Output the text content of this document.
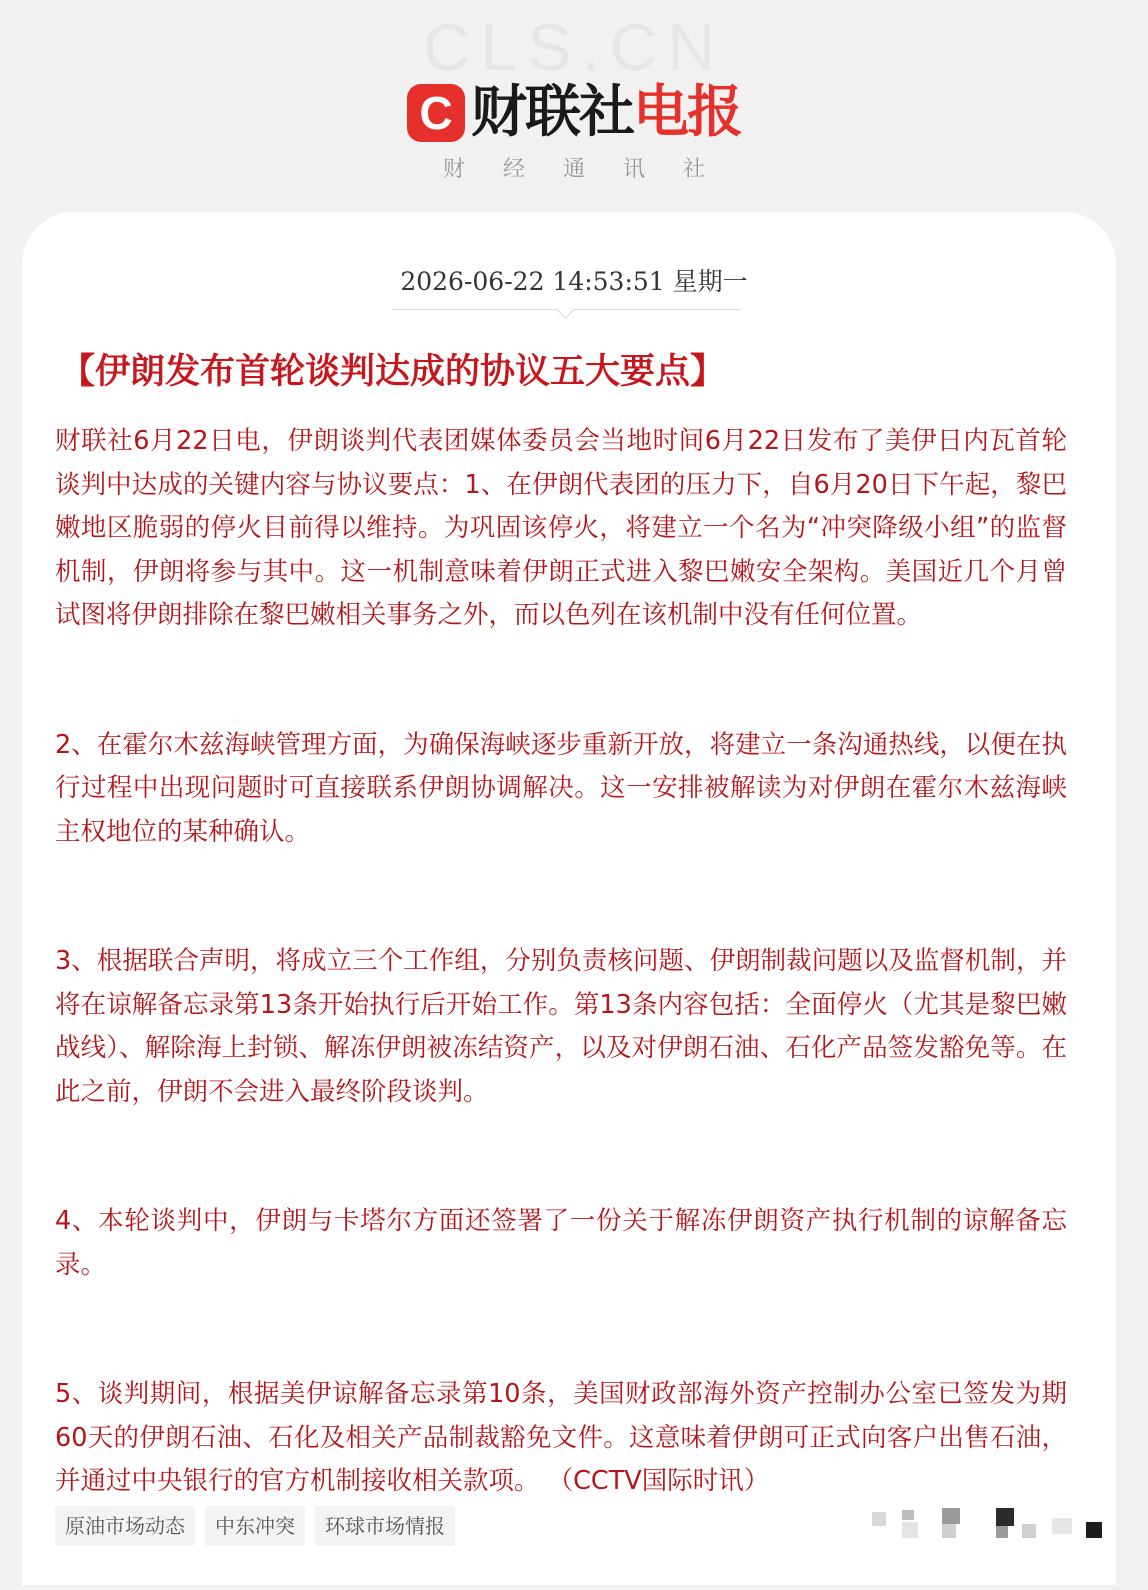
CLS.CN
C 财联社 电报
财经通讯社
2026-06-22 14:53:51 星期一
【伊朗发布首轮谈判达成的协议五大要点】

财联社6月22日电，伊朗谈判代表团媒体委员会当地时间6月22日发布了美伊日内瓦首轮谈判中达成的关键内容与协议要点：1、在伊朗代表团的压力下，自6月20日下午起，黎巴嫩地区脆弱的停火目前得以维持。为巩固该停火，将建立一个名为“冲突降级小组”的监督机制，伊朗将参与其中。这一机制意味着伊朗正式进入黎巴嫩安全架构。美国近几个月曾试图将伊朗排除在黎巴嫩相关事务之外，而以色列在该机制中没有任何位置。

2、在霍尔木兹海峡管理方面，为确保海峡逐步重新开放，将建立一条沟通热线，以便在执行过程中出现问题时可直接联系伊朗协调解决。这一安排被解读为对伊朗在霍尔木兹海峡主权地位的某种确认。

3、根据联合声明，将成立三个工作组，分别负责核问题、伊朗制裁问题以及监督机制，并将在谅解备忘录第13条开始执行后开始工作。第13条内容包括：全面停火（尤其是黎巴嫩战线）、解除海上封锁、解冻伊朗被冻结资产，以及对伊朗石油、石化产品签发豁免等。在此之前，伊朗不会进入最终阶段谈判。

4、本轮谈判中，伊朗与卡塔尔方面还签署了一份关于解冻伊朗资产执行机制的谅解备忘录。

5、谈判期间，根据美伊谅解备忘录第10条，美国财政部海外资产控制办公室已签发为期60天的伊朗石油、石化及相关产品制裁豁免文件。这意味着伊朗可正式向客户出售石油，并通过中央银行的官方机制接收相关款项。 （CCTV国际时讯）

原油市场动态	中东冲突	环球市场情报
